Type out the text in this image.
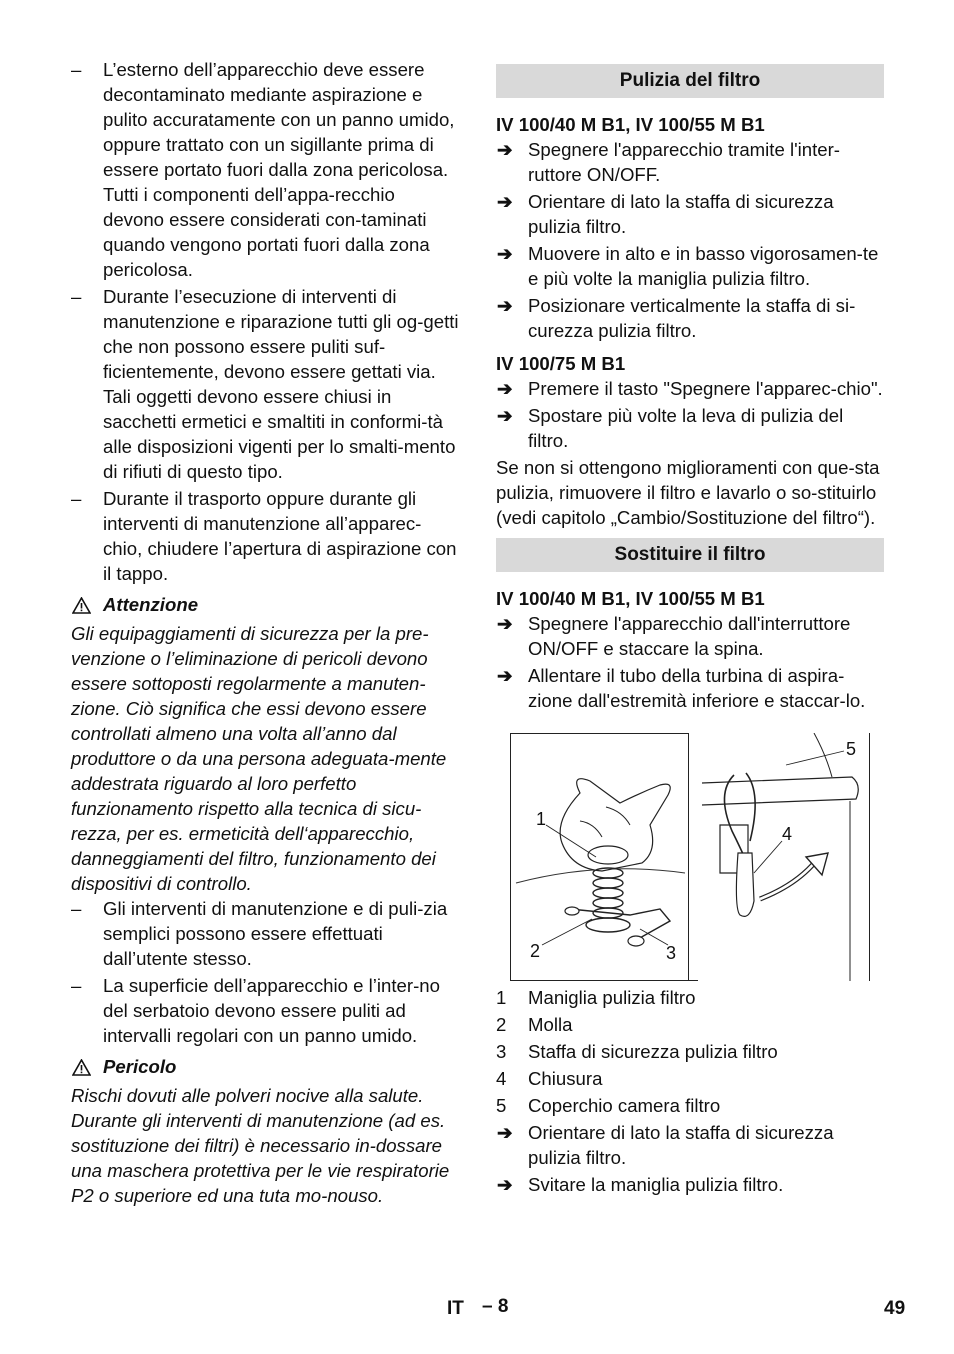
– L’esterno dell’apparecchio deve essere decontaminato mediante aspirazione e pulito accuratamente con un panno umido, oppure trattato con un sigillante prima di essere portato fuori dalla zona pericolosa. Tutti i componenti dell’appa-recchio devono essere considerati con-taminati quando vengono portati fuori dalla zona pericolosa.
– Durante l’esecuzione di interventi di manutenzione e riparazione tutti gli og-getti che non possono essere puliti suf-ficientemente, devono essere gettati via. Tali oggetti devono essere chiusi in sacchetti ermetici e smaltiti in conformi-tà alle disposizioni vigenti per lo smalti-mento di rifiuti di questo tipo.
– Durante il trasporto oppure durante gli interventi di manutenzione all’apparec-chio, chiudere l’apertura di aspirazione con il tappo.
Attenzione
Gli equipaggiamenti di sicurezza per la pre-venzione o l’eliminazione di pericoli devono essere sottoposti regolarmente a manuten-zione. Ciò significa che essi devono essere controllati almeno una volta all’anno dal produttore o da una persona adeguata-mente addestrata riguardo al loro perfetto funzionamento rispetto alla tecnica di sicu-rezza, per es. ermeticità dell‘apparecchio, danneggiamenti del filtro, funzionamento dei dispositivi di controllo.
– Gli interventi di manutenzione e di puli-zia semplici possono essere effettuati dall’utente stesso.
– La superficie dell’apparecchio e l’inter-no del serbatoio devono essere puliti ad intervalli regolari con un panno umido.
Pericolo
Rischi dovuti alle polveri nocive alla salute. Durante gli interventi di manutenzione (ad es. sostituzione dei filtri) è necessario in-dossare una maschera protettiva per le vie respiratorie P2 o superiore ed una tuta mo-nouso.
Pulizia del filtro
IV 100/40 M B1, IV 100/55 M B1
➔ Spegnere l'apparecchio tramite l'inter-ruttore ON/OFF.
➔ Orientare di lato la staffa di sicurezza pulizia filtro.
➔ Muovere in alto e in basso vigorosamen-te e più volte la maniglia pulizia filtro.
➔ Posizionare verticalmente la staffa di si-curezza pulizia filtro.
IV 100/75 M B1
➔ Premere il tasto "Spegnere l'apparec-chio".
➔ Spostare più volte la leva di pulizia del filtro.
Se non si ottengono miglioramenti con que-sta pulizia, rimuovere il filtro e lavarlo o so-stituirlo (vedi capitolo „Cambio/Sostituzione del filtro“).
Sostituire il filtro
IV 100/40 M B1, IV 100/55 M B1
➔ Spegnere l'apparecchio dall'interruttore ON/OFF e staccare la spina.
➔ Allentare il tubo della turbina di aspira-zione dall'estremità inferiore e staccar-lo.
1
2	3
4
5
1 Maniglia pulizia filtro
2 Molla
3 Staffa di sicurezza pulizia filtro
4 Chiusura
5 Coperchio camera filtro
➔ Orientare di lato la staffa di sicurezza pulizia filtro.
➔ Svitare la maniglia pulizia filtro.
IT – 8	49
